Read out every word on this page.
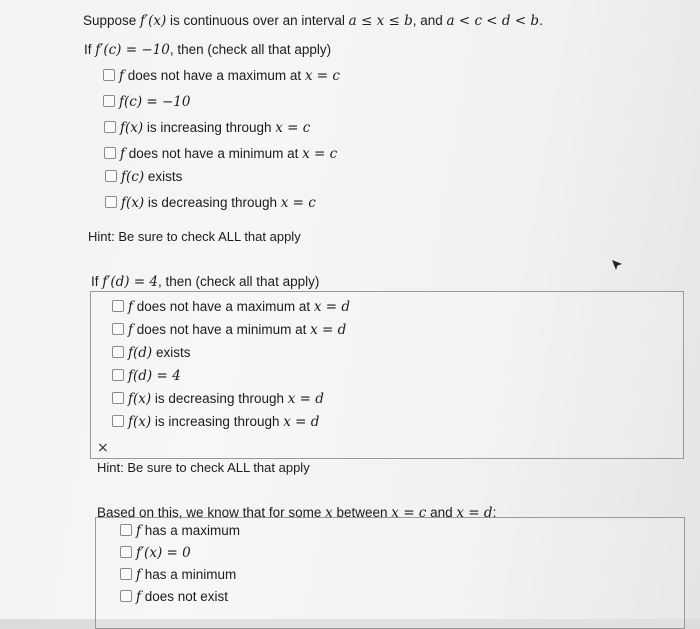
Suppose f′(x) is continuous over an interval a ≤ x ≤ b, and a < c < d < b.
If f′(c) = −10, then (check all that apply)
f does not have a maximum at x = c
f(c) = −10
f(x) is increasing through x = c
f does not have a minimum at x = c
f(c) exists
f(x) is decreasing through x = c
Hint: Be sure to check ALL that apply
If f′(d) = 4, then (check all that apply)
f does not have a maximum at x = d
f does not have a minimum at x = d
f(d) exists
f(d) = 4
f(x) is decreasing through x = d
f(x) is increasing through x = d
×
Hint: Be sure to check ALL that apply
Based on this, we know that for some x between x = c and x = d:
f has a maximum
f′(x) = 0
f has a minimum
f does not exist
